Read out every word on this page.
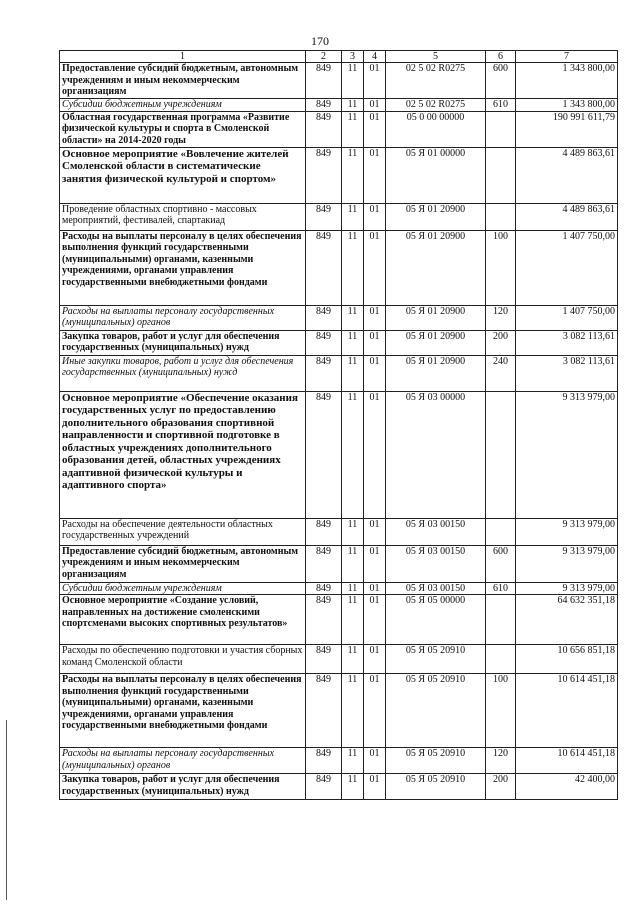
170
1	2	3	4	5	6	7
Предоставление субсидий бюджетным, автономным учреждениям и иным некоммерческим организациям	849	11	01	02 5 02 R0275	600	1 343 800,00
Субсидии бюджетным учреждениям	849	11	01	02 5 02 R0275	610	1 343 800,00
Областная государственная программа «Развитие физической культуры и спорта в Смоленской области» на 2014-2020 годы	849	11	01	05 0 00 00000		190 991 611,79
Основное мероприятие «Вовлечение жителей Смоленской области в систематические занятия физической культурой и спортом»	849	11	01	05 Я 01 00000		4 489 863,61
Проведение областных спортивно - массовых мероприятий, фестивалей, спартакиад	849	11	01	05 Я 01 20900		4 489 863,61
Расходы на выплаты персоналу в целях обеспечения выполнения функций государственными (муниципальными) органами, казенными учреждениями, органами управления государственными внебюджетными фондами	849	11	01	05 Я 01 20900	100	1 407 750,00
Расходы на выплаты персоналу государственных (муниципальных) органов	849	11	01	05 Я 01 20900	120	1 407 750,00
Закупка товаров, работ и услуг для обеспечения государственных (муниципальных) нужд	849	11	01	05 Я 01 20900	200	3 082 113,61
Иные закупки товаров, работ и услуг для обеспечения государственных (муниципальных) нужд	849	11	01	05 Я 01 20900	240	3 082 113,61
Основное мероприятие «Обеспечение оказания государственных услуг по предоставлению дополнительного образования спортивной направленности и спортивной подготовке в областных учреждениях дополнительного образования детей, областных учреждениях адаптивной физической культуры и адаптивного спорта»	849	11	01	05 Я 03 00000		9 313 979,00
Расходы на обеспечение деятельности областных государственных учреждений	849	11	01	05 Я 03 00150		9 313 979,00
Предоставление субсидий бюджетным, автономным учреждениям и иным некоммерческим организациям	849	11	01	05 Я 03 00150	600	9 313 979,00
Субсидии бюджетным учреждениям	849	11	01	05 Я 03 00150	610	9 313 979,00
Основное мероприятие «Создание условий, направленных на достижение смоленскими спортсменами высоких спортивных результатов»	849	11	01	05 Я 05 00000		64 632 351,18
Расходы по обеспечению подготовки и участия сборных команд Смоленской области	849	11	01	05 Я 05 20910		10 656 851,18
Расходы на выплаты персоналу в целях обеспечения выполнения функций государственными (муниципальными) органами, казенными учреждениями, органами управления государственными внебюджетными фондами	849	11	01	05 Я 05 20910	100	10 614 451,18
Расходы на выплаты персоналу государственных (муниципальных) органов	849	11	01	05 Я 05 20910	120	10 614 451,18
Закупка товаров, работ и услуг для обеспечения государственных (муниципальных) нужд	849	11	01	05 Я 05 20910	200	42 400,00
